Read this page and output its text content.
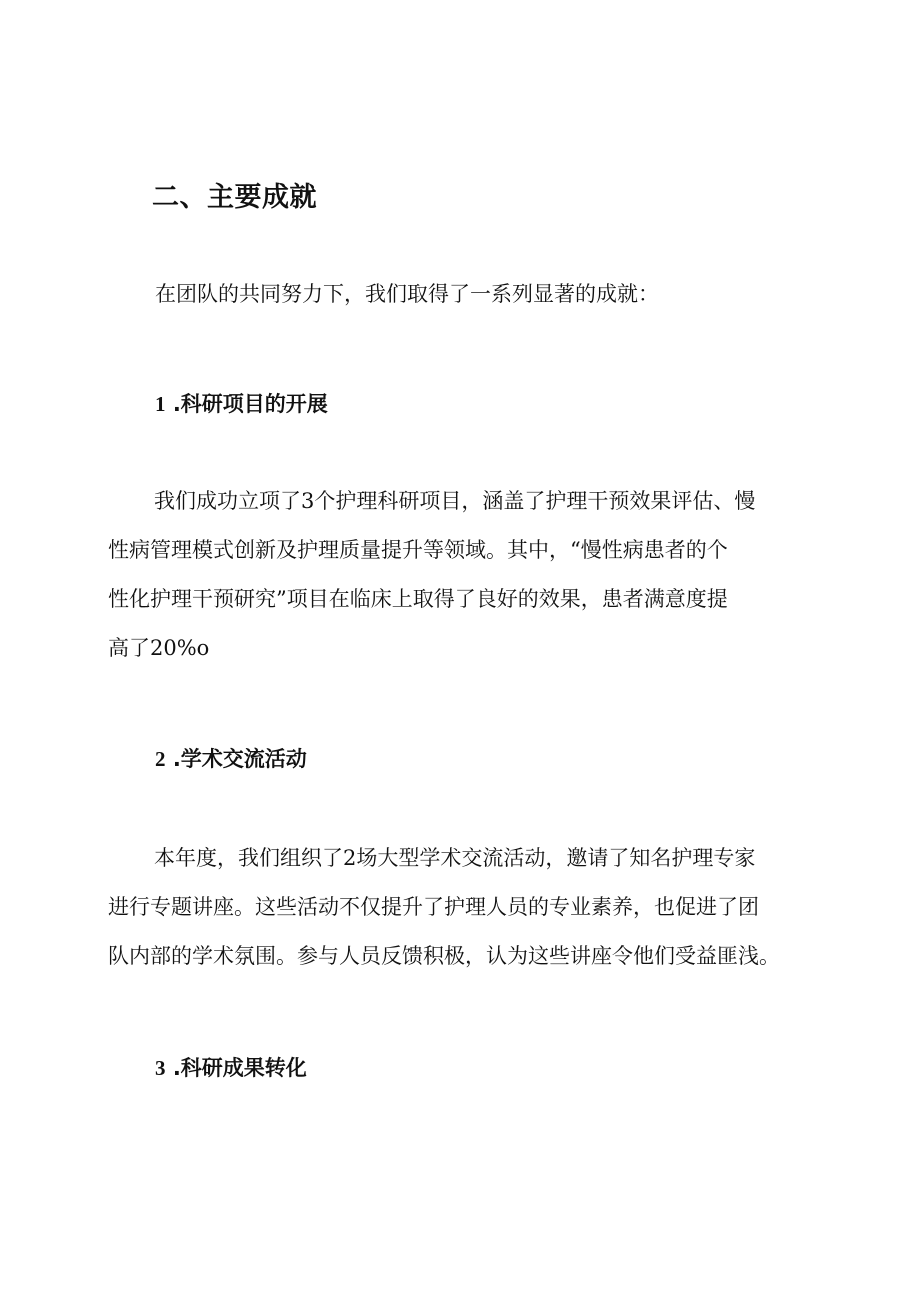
二、主要成就
在团队的共同努力下，我们取得了一系列显著的成就：
1 .科研项目的开展
我们成功立项了3个护理科研项目，涵盖了护理干预效果评估、慢
性病管理模式创新及护理质量提升等领域。其中，“慢性病患者的个
性化护理干预研究”项目在临床上取得了良好的效果，患者满意度提
高了20%o
2 .学术交流活动
本年度，我们组织了2场大型学术交流活动，邀请了知名护理专家
进行专题讲座。这些活动不仅提升了护理人员的专业素养，也促进了团
队内部的学术氛围。参与人员反馈积极，认为这些讲座令他们受益匪浅。
3 .科研成果转化
